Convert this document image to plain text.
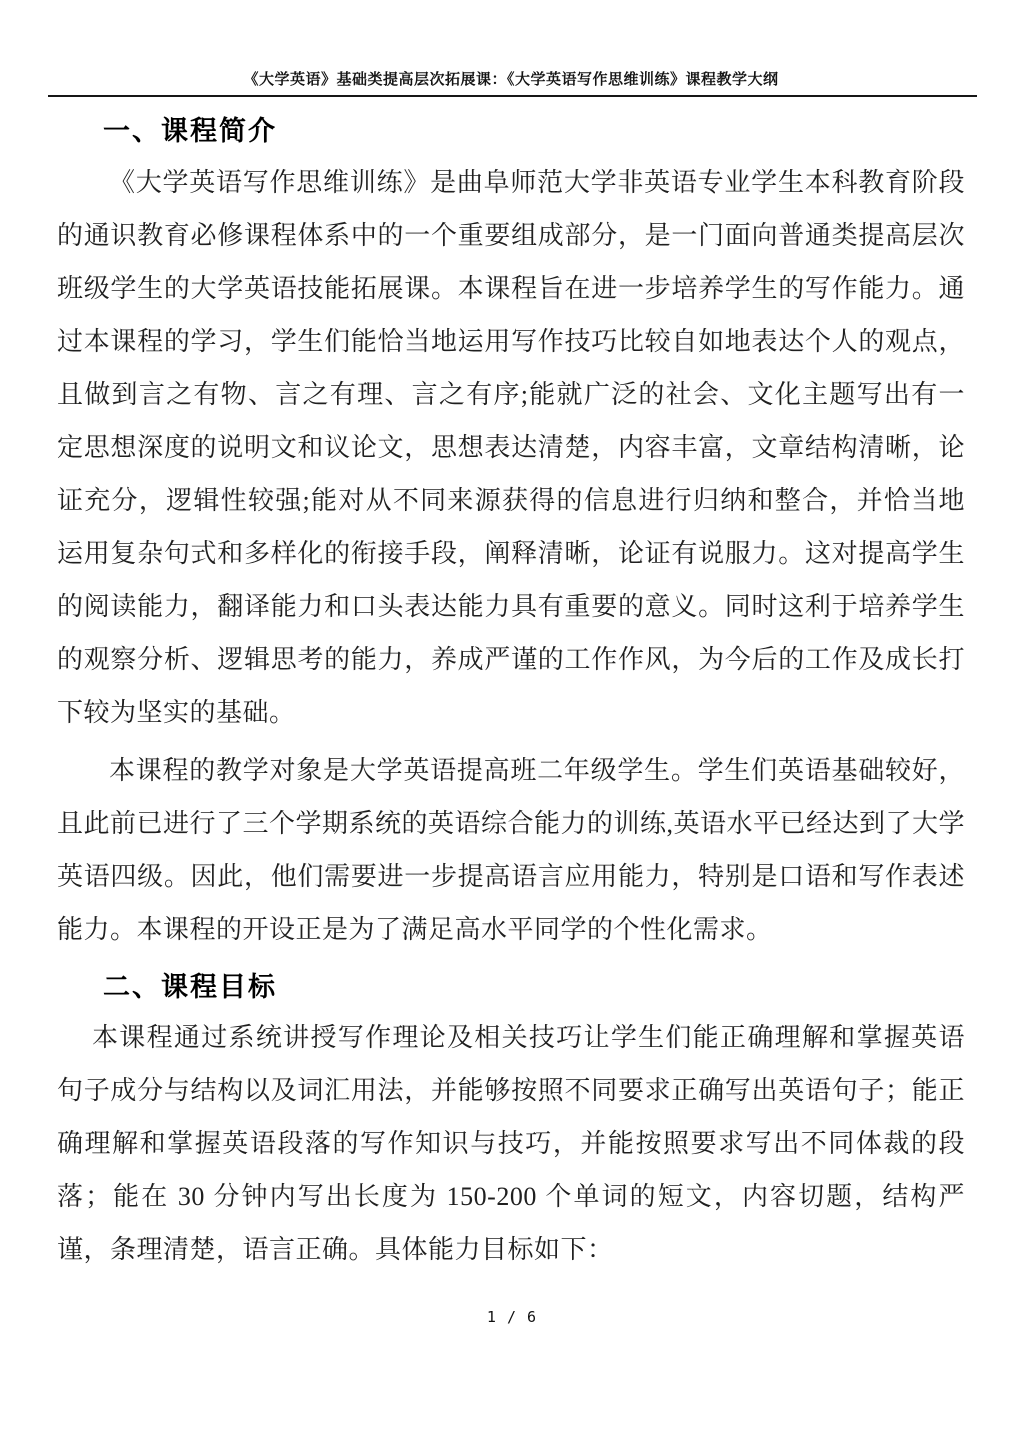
《大学英语》基础类提高层次拓展课：《大学英语写作思维训练》课程教学大纲
一、课程简介

《大学英语写作思维训练》是曲阜师范大学非英语专业学生本科教育阶段的通识教育必修课程体系中的一个重要组成部分，是一门面向普通类提高层次班级学生的大学英语技能拓展课。本课程旨在进一步培养学生的写作能力。通过本课程的学习，学生们能恰当地运用写作技巧比较自如地表达个人的观点，且做到言之有物、言之有理、言之有序;能就广泛的社会、文化主题写出有一定思想深度的说明文和议论文，思想表达清楚，内容丰富，文章结构清晰，论证充分，逻辑性较强;能对从不同来源获得的信息进行归纳和整合，并恰当地运用复杂句式和多样化的衔接手段，阐释清晰，论证有说服力。这对提高学生的阅读能力，翻译能力和口头表达能力具有重要的意义。同时这利于培养学生的观察分析、逻辑思考的能力，养成严谨的工作作风，为今后的工作及成长打下较为坚实的基础。

本课程的教学对象是大学英语提高班二年级学生。学生们英语基础较好，且此前已进行了三个学期系统的英语综合能力的训练,英语水平已经达到了大学英语四级。因此，他们需要进一步提高语言应用能力，特别是口语和写作表述能力。本课程的开设正是为了满足高水平同学的个性化需求。

二、课程目标

本课程通过系统讲授写作理论及相关技巧让学生们能正确理解和掌握英语句子成分与结构以及词汇用法，并能够按照不同要求正确写出英语句子；能正确理解和掌握英语段落的写作知识与技巧，并能按照要求写出不同体裁的段落；能在 30 分钟内写出长度为 150-200 个单词的短文，内容切题，结构严谨，条理清楚，语言正确。具体能力目标如下：

1 / 6
